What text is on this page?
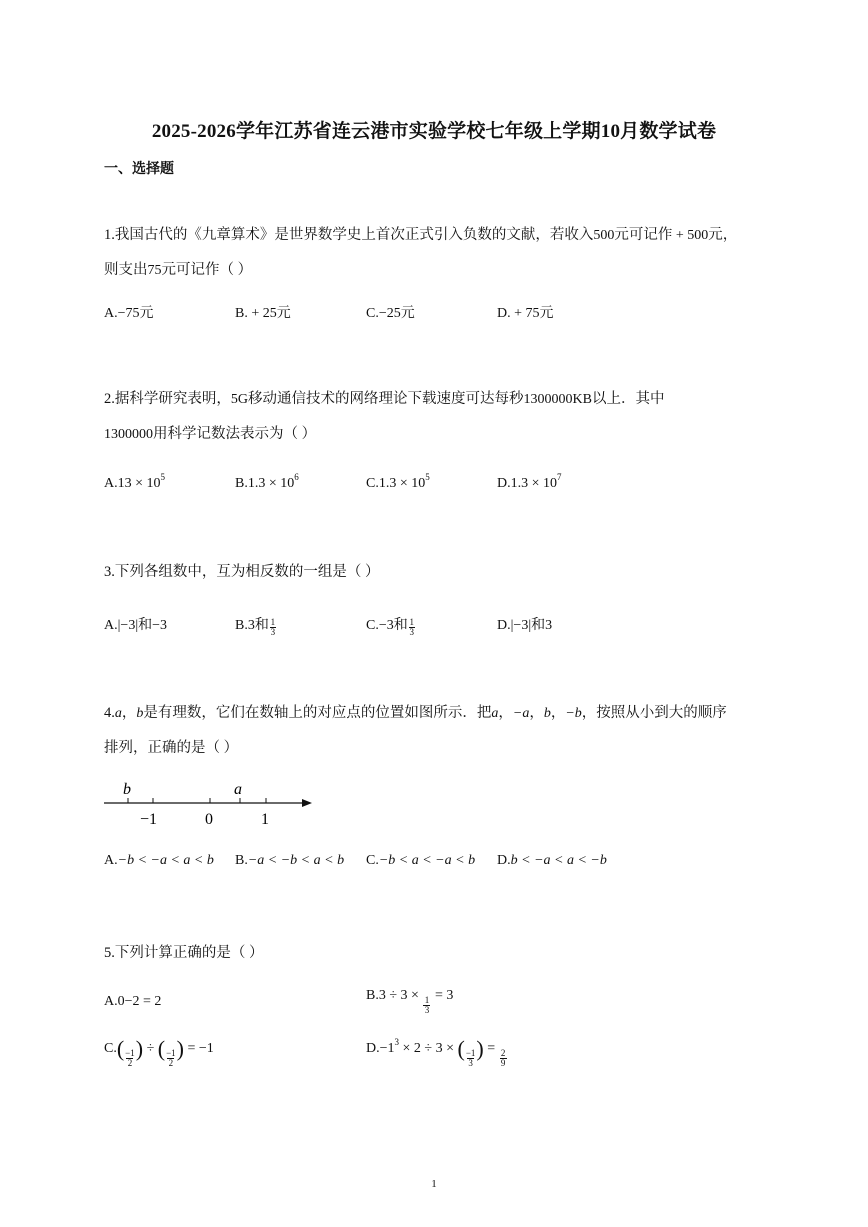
2025-2026学年江苏省连云港市实验学校七年级上学期10月数学试卷
一、选择题
1.我国古代的《九章算术》是世界数学史上首次正式引入负数的文献，若收入500元可记作 + 500元，
则支出75元可记作（ ）
A.−75元	B. + 25元	C.−25元	D. + 75元
2.据科学研究表明，5G移动通信技术的网络理论下载速度可达每秒1300000KB以上．其中
1300000用科学记数法表示为（ ）
$A.13 \times 10^5$	$B.1.3 \times 10^6$	$C.1.3 \times 10^5$	$D.1.3 \times 10^7$
3.下列各组数中，互为相反数的一组是（ ）
A.|−3|和−3	B.3和 $\frac{1}{3}$	C.−3和 $\frac{1}{3}$	D.|−3|和3
4.a，b是有理数，它们在数轴上的对应点的位置如图所示．把a，−a，b，−b，按照从小到大的顺序
排列，正确的是（ ）
b	a
−1	0	1
A.−b < −a < a < b B.−a < −b < a < b C.−b < a < −a < b D.b < −a < a < −b
5.下列计算正确的是（ ）
A.0−2 = 2	B.3 ÷ 3 ×
$\frac{1}{3}$
= 3
$C.( \frac{-1}{2}$ ) ÷ ( $\frac{-1}{2}$ ) = −1	$D.-1^3 \times 2 \div 3$ × ( $\frac{-1}{3}$ ) =
$\frac{2}{9}$
1
